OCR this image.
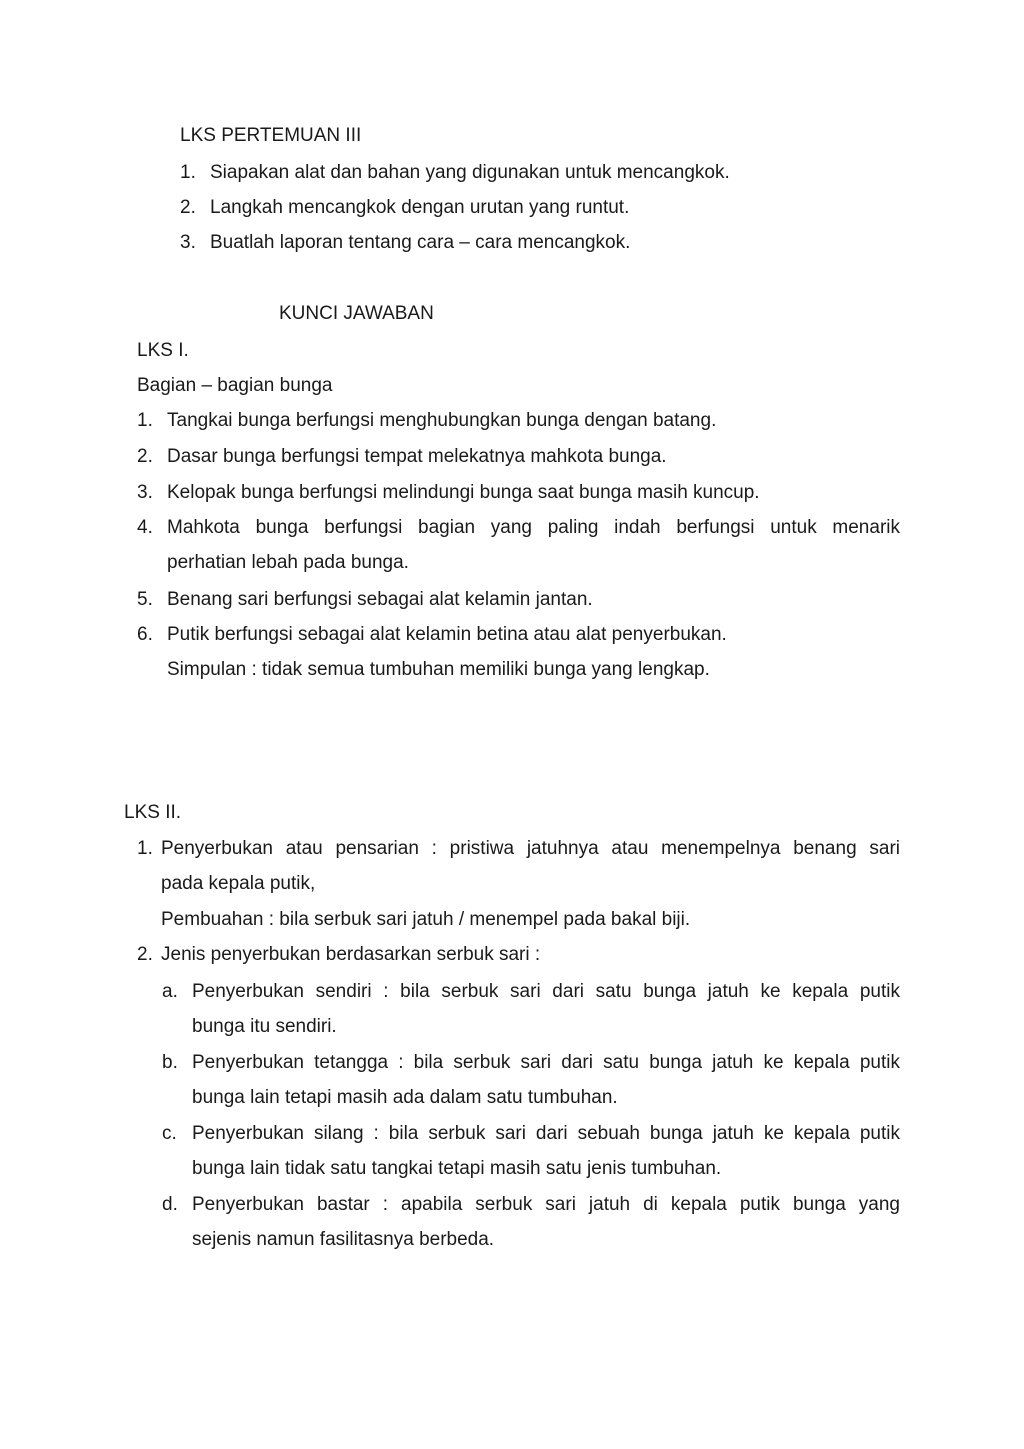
LKS PERTEMUAN III
1. Siapakan alat dan bahan yang digunakan untuk mencangkok.
2. Langkah mencangkok dengan urutan yang runtut.
3. Buatlah laporan tentang cara – cara mencangkok.
KUNCI JAWABAN
LKS I.
Bagian – bagian bunga
1. Tangkai bunga berfungsi menghubungkan bunga dengan batang.
2. Dasar bunga berfungsi tempat melekatnya mahkota bunga.
3. Kelopak bunga berfungsi melindungi bunga saat bunga masih kuncup.
4. Mahkota bunga berfungsi bagian yang paling indah berfungsi untuk menarik
perhatian lebah pada bunga.
5. Benang sari berfungsi sebagai alat kelamin jantan.
6. Putik berfungsi sebagai alat kelamin betina atau alat penyerbukan.
Simpulan : tidak semua tumbuhan memiliki bunga yang lengkap.
LKS II.
1. Penyerbukan atau pensarian : pristiwa jatuhnya atau menempelnya benang sari
pada kepala putik,
Pembuahan : bila serbuk sari jatuh / menempel pada bakal biji.
2. Jenis penyerbukan berdasarkan serbuk sari :
a. Penyerbukan sendiri : bila serbuk sari dari satu bunga jatuh ke kepala putik
bunga itu sendiri.
b. Penyerbukan tetangga : bila serbuk sari dari satu bunga jatuh ke kepala putik
bunga lain tetapi masih ada dalam satu tumbuhan.
c. Penyerbukan silang : bila serbuk sari dari sebuah bunga jatuh ke kepala putik
bunga lain tidak satu tangkai tetapi masih satu jenis tumbuhan.
d. Penyerbukan bastar : apabila serbuk sari jatuh di kepala putik bunga yang
sejenis namun fasilitasnya berbeda.
